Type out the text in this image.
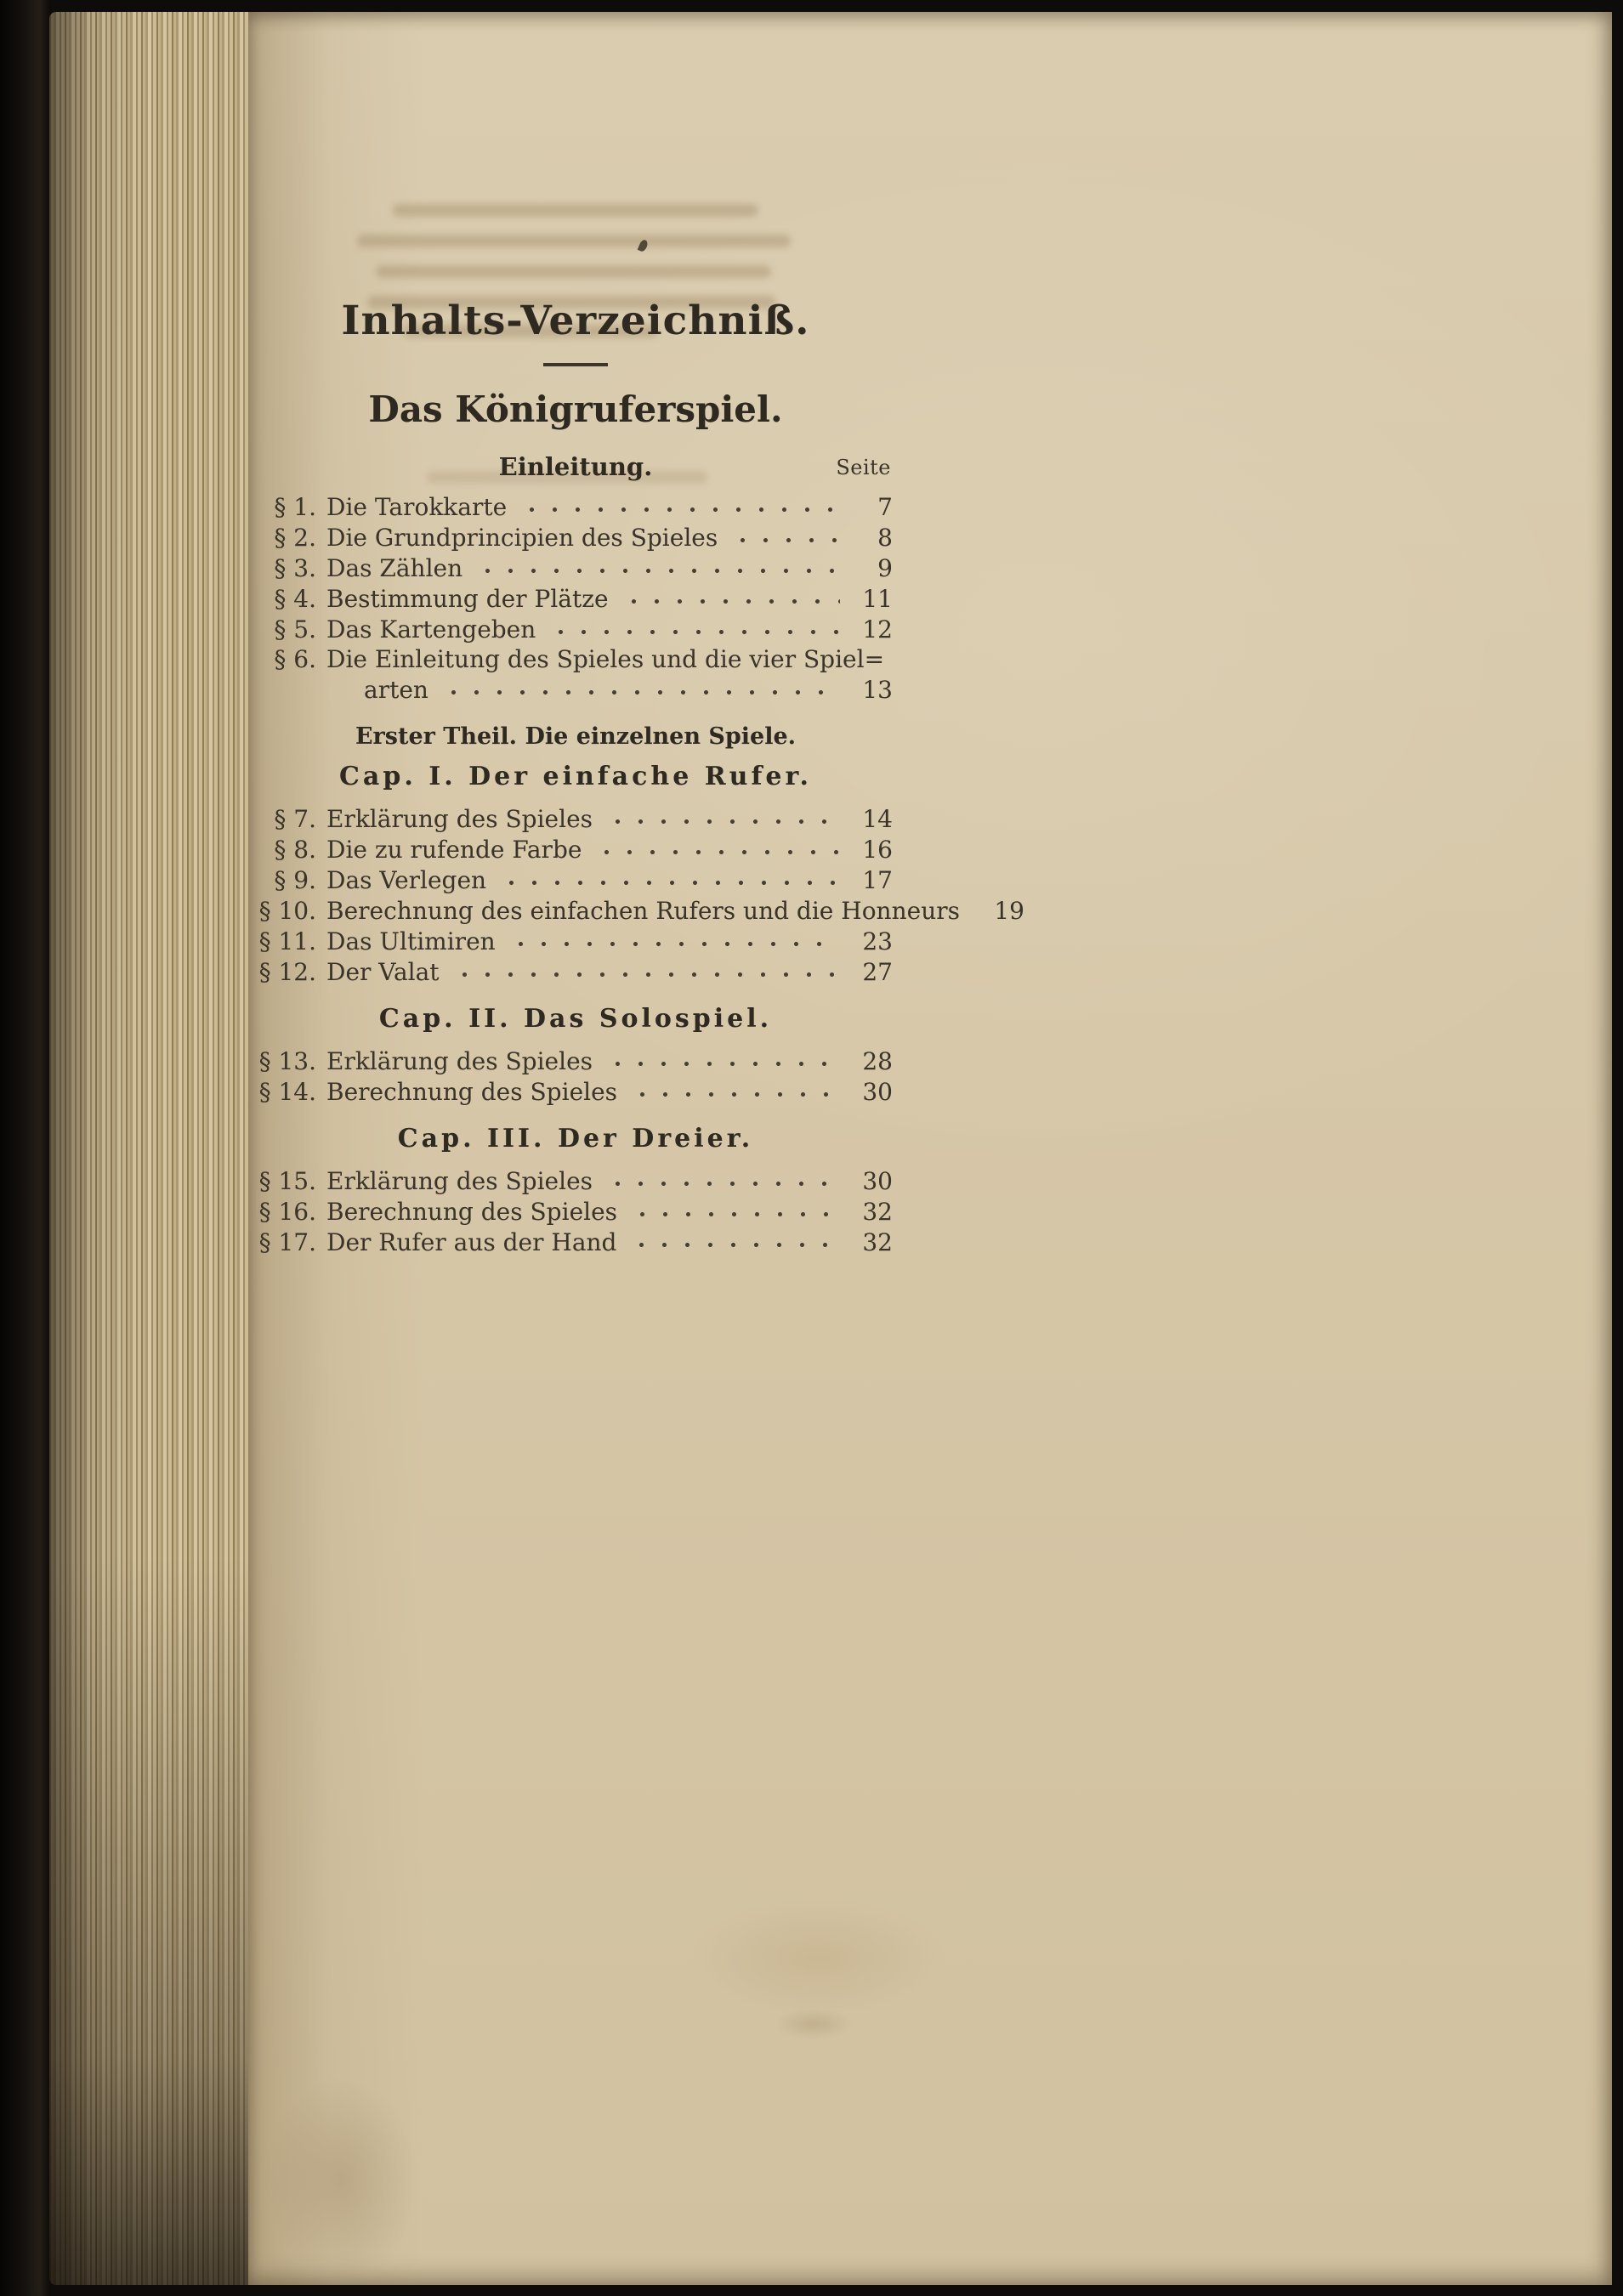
Inhalts-Verzeichniß.
Das Königruferspiel.
Einleitung.	Seite
§ 1. Die Tarokkarte	7
§ 2. Die Grundprincipien des Spieles	8
§ 3. Das Zählen	9
§ 4. Bestimmung der Plätze	11
§ 5. Das Kartengeben	12
§ 6. Die Einleitung des Spieles und die vier Spiel=
arten	13
Erster Theil. Die einzelnen Spiele.
Cap. I. Der einfache Rufer.
§ 7. Erklärung des Spieles	14
§ 8. Die zu rufende Farbe	16
§ 9. Das Verlegen	17
§ 10. Berechnung des einfachen Rufers und die Honneurs	19
§ 11. Das Ultimiren	23
§ 12. Der Valat	27
Cap. II. Das Solospiel.
§ 13. Erklärung des Spieles	28
§ 14. Berechnung des Spieles	30
Cap. III. Der Dreier.
§ 15. Erklärung des Spieles	30
§ 16. Berechnung des Spieles	32
§ 17. Der Rufer aus der Hand	32
